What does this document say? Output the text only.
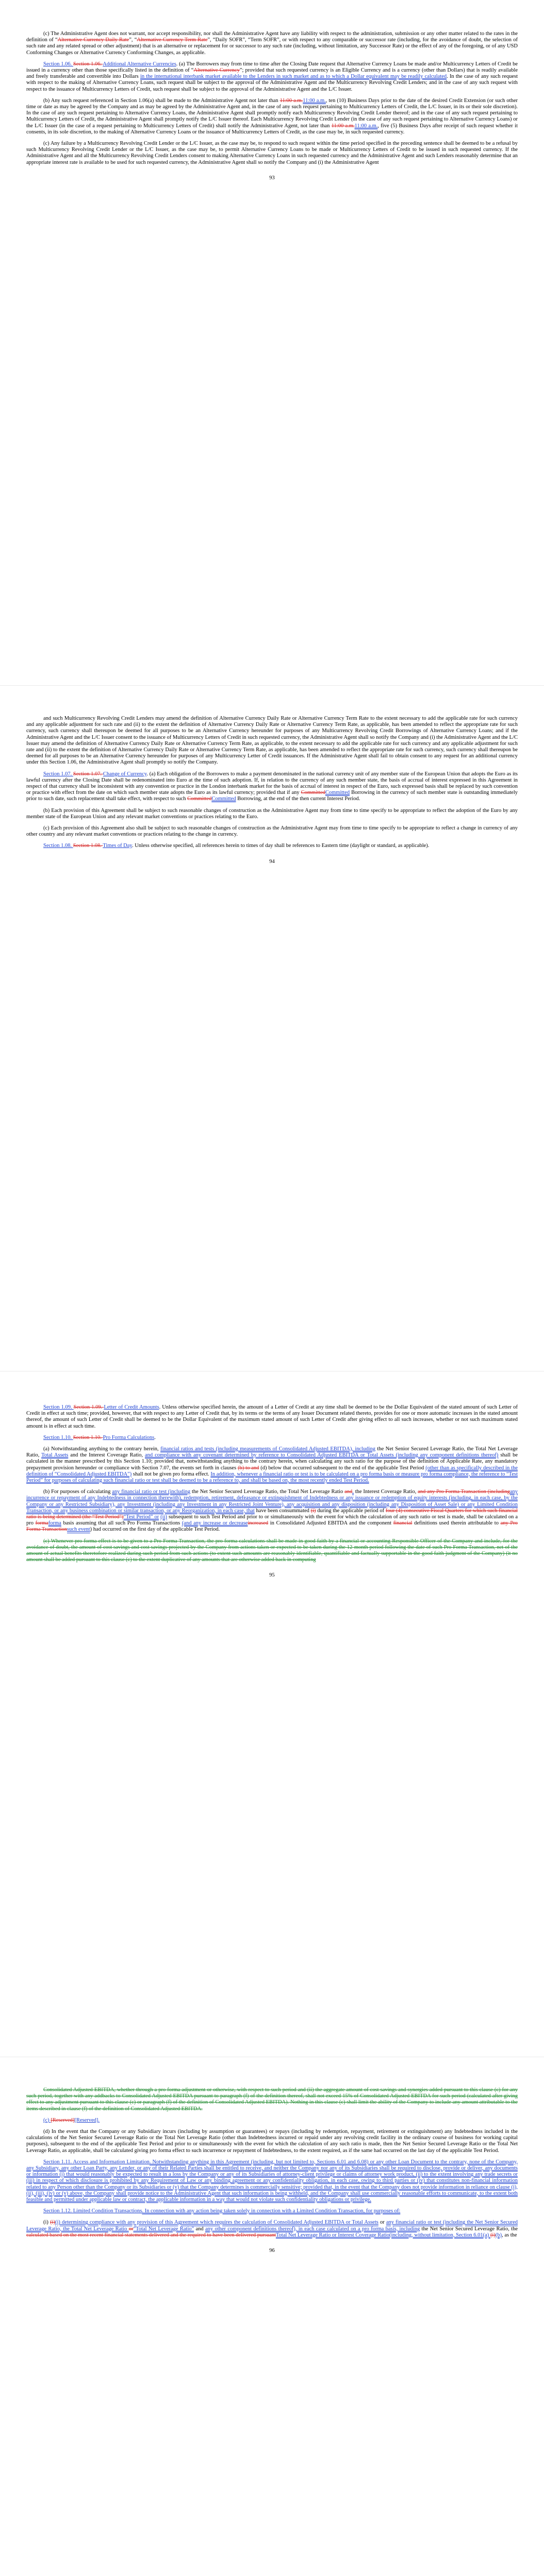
(c) The Administrative Agent does not warrant, nor accept responsibility, nor shall the Administrative Agent have any liability with respect to the administration, submission or any other matter related to the rates in the definition of “Alternative Currency Daily Rate”, “Alternative Currency Term Rate”, “Daily SOFR”, “Term SOFR”, or with respect to any comparable or successor rate (including, for the avoidance of doubt, the selection of such rate and any related spread or other adjustment) that is an alternative or replacement for or successor to any such rate (including, without limitation, any Successor Rate) or the effect of any of the foregoing, or of any USD Conforming Changes or Alternative Currency Conforming Changes, as applicable.

Section 1.06. Section 1.06. Additional Alternative Currencies. (a) The Borrowers may from time to time after the Closing Date request that Alternative Currency Loans be made and/or Multicurrency Letters of Credit be issued in a currency other than those specifically listed in the definition of “Alternative Currency”; provided that such requested currency is an Eligible Currency and is a currency (other than Dollars) that is readily available and freely transferable and convertible into Dollars in the international interbank market available to the Lenders in such market and as to which a Dollar equivalent may be readily calculated. In the case of any such request with respect to the making of Alternative Currency Loans, such request shall be subject to the approval of the Administrative Agent and the Multicurrency Revolving Credit Lenders; and in the case of any such request with respect to the issuance of Multicurrency Letters of Credit, such request shall be subject to the approval of the Administrative Agent and the L/C Issuer.

(b) Any such request referenced in Section 1.06(a) shall be made to the Administrative Agent not later than 11:00 a.m.11:00 a.m., ten (10) Business Days prior to the date of the desired Credit Extension (or such other time or date as may be agreed by the Company and as may be agreed by the Administrative Agent and, in the case of any such request pertaining to Multicurrency Letters of Credit, the L/C Issuer, in its or their sole discretion). In the case of any such request pertaining to Alternative Currency Loans, the Administrative Agent shall promptly notify each Multicurrency Revolving Credit Lender thereof; and in the case of any such request pertaining to Multicurrency Letters of Credit, the Administrative Agent shall promptly notify the L/C Issuer thereof. Each Multicurrency Revolving Credit Lender (in the case of any such request pertaining to Alternative Currency Loans) or the L/C Issuer (in the case of a request pertaining to Multicurrency Letters of Credit) shall notify the Administrative Agent, not later than 11:00 a.m.11:00 a.m., five (5) Business Days after receipt of such request whether it consents, in its sole discretion, to the making of Alternative Currency Loans or the issuance of Multicurrency Letters of Credit, as the case may be, in such requested currency.

(c) Any failure by a Multicurrency Revolving Credit Lender or the L/C Issuer, as the case may be, to respond to such request within the time period specified in the preceding sentence shall be deemed to be a refusal by such Multicurrency Revolving Credit Lender or the L/C Issuer, as the case may be, to permit Alternative Currency Loans to be made or Multicurrency Letters of Credit to be issued in such requested currency. If the Administrative Agent and all the Multicurrency Revolving Credit Lenders consent to making Alternative Currency Loans in such requested currency and the Administrative Agent and such Lenders reasonably determine that an appropriate interest rate is available to be used for such requested currency, the Administrative Agent shall so notify the Company and (i) the Administrative Agent

93

and such Multicurrency Revolving Credit Lenders may amend the definition of Alternative Currency Daily Rate or Alternative Currency Term Rate to the extent necessary to add the applicable rate for such currency and any applicable adjustment for such rate and (ii) to the extent the definition of Alternative Currency Daily Rate or Alternative Currency Term Rate, as applicable, has been amended to reflect the appropriate rate for such currency, such currency shall thereupon be deemed for all purposes to be an Alternative Currency hereunder for purposes of any Multicurrency Revolving Credit Borrowings of Alternative Currency Loans; and if the Administrative Agent and the L/C Issuer consent to the issuance of Multicurrency Letters of Credit in such requested currency, the Administrative Agent shall so notify the Company and (i) the Administrative Agent and the L/C Issuer may amend the definition of Alternative Currency Daily Rate or Alternative Currency Term Rate, as applicable, to the extent necessary to add the applicable rate for such currency and any applicable adjustment for such rate and (ii) to the extent the definition of Alternative Currency Daily Rate or Alternative Currency Term Rate, as applicable, has been amended to reflect the appropriate rate for such currency, such currency shall thereupon be deemed for all purposes to be an Alternative Currency hereunder for purposes of any Multicurrency Letter of Credit issuances. If the Administrative Agent shall fail to obtain consent to any request for an additional currency under this Section 1.06, the Administrative Agent shall promptly so notify the Company.

Section 1.07. Section 1.07. Change of Currency. (a) Each obligation of the Borrowers to make a payment denominated in the national currency unit of any member state of the European Union that adopts the Euro as its lawful currency after the Closing Date shall be redenominated into Euro at the time of such adoption. If, in relation to the currency of any such member state, the basis of accrual of interest expressed in this Agreement in respect of that currency shall be inconsistent with any convention or practice in the London interbank market for the basis of accrual of interest in respect of the Euro, such expressed basis shall be replaced by such convention or practice with effect from the date on which such member state adopts the Euro as its lawful currency; provided that if any CommittedCommitted Borrowing in the currency of such member state is outstanding immediately prior to such date, such replacement shall take effect, with respect to such CommittedCommitted Borrowing, at the end of the then current Interest Period.

(b) Each provision of this Agreement shall be subject to such reasonable changes of construction as the Administrative Agent may from time to time specify to be appropriate to reflect the adoption of the Euro by any member state of the European Union and any relevant market conventions or practices relating to the Euro.

(c) Each provision of this Agreement also shall be subject to such reasonable changes of construction as the Administrative Agent may from time to time specify to be appropriate to reflect a change in currency of any other country and any relevant market conventions or practices relating to the change in currency.

Section 1.08. Section 1.08. Times of Day. Unless otherwise specified, all references herein to times of day shall be references to Eastern time (daylight or standard, as applicable).

94

Section 1.09. Section 1.09. Letter of Credit Amounts. Unless otherwise specified herein, the amount of a Letter of Credit at any time shall be deemed to be the Dollar Equivalent of the stated amount of such Letter of Credit in effect at such time; provided, however, that with respect to any Letter of Credit that, by its terms or the terms of any Issuer Document related thereto, provides for one or more automatic increases in the stated amount thereof, the amount of such Letter of Credit shall be deemed to be the Dollar Equivalent of the maximum stated amount of such Letter of Credit after giving effect to all such increases, whether or not such maximum stated amount is in effect at such time.

Section 1.10. Section 1.10. Pro Forma Calculations.

(a) Notwithstanding anything to the contrary herein, financial ratios and tests (including measurements of Consolidated Adjusted EBITDA), including the Net Senior Secured Leverage Ratio, the Total Net Leverage Ratio, Total Assets and the Interest Coverage Ratio, and compliance with any covenant determined by reference to Consolidated Adjusted EBITDA or Total Assets (including any component definitions thereof) shall be calculated in the manner prescribed by this Section 1.10; provided that, notwithstanding anything to the contrary herein, when calculating any such ratio for the purpose of the definition of Applicable Rate, any mandatory prepayment provision hereunder or compliance with Section 7.07, the events set forth in clauses (b) to and (d) below that occurred subsequent to the end of the applicable Test Period (other than as specifically described in the definition of “Consolidated Adjusted EBITDA”) shall not be given pro forma effect. In addition, whenever a financial ratio or test is to be calculated on a pro forma basis or measure pro forma compliance, the reference to “Test Period” for purposes of calculating such financial ratio or test shall be deemed to be a reference to, and shall be based on, the most recently ended Test Period.

(b) For purposes of calculating any financial ratio or test (including the Net Senior Secured Leverage Ratio, the Total Net Leverage Ratio and, the Interest Coverage Ratio, and any Pro Forma Transaction (includingany incurrence or repayment of any Indebtedness in connection therewith), redemption, retirement, defeasance or extinguishment of Indebtedness or any issuance or redemption of equity interests (including, in each case, by the Company or any Restricted Subsidiary), any Investment (including any Investment in any Restricted Joint Venture), any acquisition and any disposition (including any Disposition of Asset Sale) or any Limited Condition Transaction, or any business combination or similar transaction, or any Reorganization, in each case, that have been consummated (i) during the applicable period of four (4) consecutive Fiscal Quarters for which such financial ratio is being determined (the “Test Period”)“Test Period” or (ii) subsequent to such Test Period and prior to or simultaneously with the event for which the calculation of any such ratio or test is made, shall be calculated on a pro formaforma basis assuming that all such Pro Forma Transactions (and any increase or decreaseincreased in Consolidated Adjusted EBITDA and the component financial definitions used therein attributable to any Pro Forma Transactionsuch event) had occurred on the first day of the applicable Test Period.

(c) Whenever pro forma effect is to be given to a Pro Forma Transaction, the pro forma calculations shall be made in good faith by a financial or accounting Responsible Officer of the Company and include, for the avoidance of doubt, the amount of cost savings and cost savings projected by the Company from actions taken or expected to be taken during the 12-month period following the date of such Pro Forma Transaction, net of the amount of actual benefits theretofore realized during such period from such actions (to extent such amounts are reasonably identifiable, quantifiable and factually supportable in the good faith judgment of the Company) (it no amount shall be added pursuant to this clause (c) to the extent duplicative of any amounts that are otherwise added back in computing

95

Consolidated Adjusted EBITDA, whether through a pro forma adjustment or otherwise, with respect to such period and (ii) the aggregate amount of cost savings and synergies added pursuant to this clause (c) for any such period, together with any addbacks to Consolidated Adjusted EBITDA pursuant to paragraph (f) of the definition thereof, shall not exceed 15% of Consolidated Adjusted EBITDA for such period (calculated after giving effect to any adjustment pursuant to this clause (c) or paragraph (f) of the definition of Consolidated Adjusted EBITDA). Nothing in this clause (c) shall limit the ability of the Company to include any amount attributable to the items described in clause (f) of the definition of Consolidated Adjusted EBITDA.

(c) [Reserved][Reserved].

(d) In the event that the Company or any Subsidiary incurs (including by assumption or guarantees) or repays (including by redemption, repayment, retirement or extinguishment) any Indebtedness included in the calculations of the Net Senior Secured Leverage Ratio or the Total Net Leverage Ratio (other than Indebtedness incurred or repaid under any revolving credit facility in the ordinary course of business for working capital purposes), subsequent to the end of the applicable Test Period and prior to or simultaneously with the event for which the calculation of any such ratio is made, then the Net Senior Secured Leverage Ratio or the Total Net Leverage Ratio, as applicable, shall be calculated giving pro forma effect to such incurrence or repayment of Indebtedness, to the extent required, as if the same had occurred on the last day of the applicable Test Period.

Section 1.11. Access and Information Limitation. Notwithstanding anything in this Agreement (including, but not limited to, Sections 6.01 and 6.08) or any other Loan Document to the contrary, none of the Company, any Subsidiary, any other Loan Party, any Lender, or any of their Related Parties shall be entitled to receive, and neither the Company nor any of its Subsidiaries shall be required to disclose, provide or deliver, any documents or information (i) that would reasonably be expected to result in a loss by the Company or any of its Subsidiaries of attorney-client privilege or claims of attorney work product, (ii) to the extent involving any trade secrets or (iii) in respect of which disclosure is prohibited by any Requirement of Law or any binding agreement or any confidentiality obligation, in each case, owing to third parties or (iv) that constitutes non-financial information related to any Person other than the Company or its Subsidiaries or (v) that the Company determines is commercially sensitive; provided that, in the event that the Company does not provide information in reliance on clause (i), (ii), (iii), (iv) or (v) above, the Company shall provide notice to the Administrative Agent that such information is being withheld, and the Company shall use commercially reasonable efforts to communicate, to the extent both feasible and permitted under applicable law or contract, the applicable information in a way that would not violate such confidentiality obligations or privilege.

Section 1.12. Limited Condition Transactions. In connection with any action being taken solely in connection with a Limited Condition Transaction, for purposes of:

(i) (i)(i) determining compliance with any provision of this Agreement which requires the calculation of Consolidated Adjusted EBITDA or Total Assets or any financial ratio or test (including the Net Senior Secured Leverage Ratio, the Total Net Leverage Ratio or“Total Net Leverage Ratio” and any other component definitions thereof), in each case calculated on a pro forma basis, including the Net Senior Secured Leverage Ratio, the calculated based on the most recent financial statements delivered and the required to have been delivered pursuantTotal Net Leverage Ratio or Interest Coverage Ratio(including, without limitation, Section 6.01(a) (i)(b), as the

96
